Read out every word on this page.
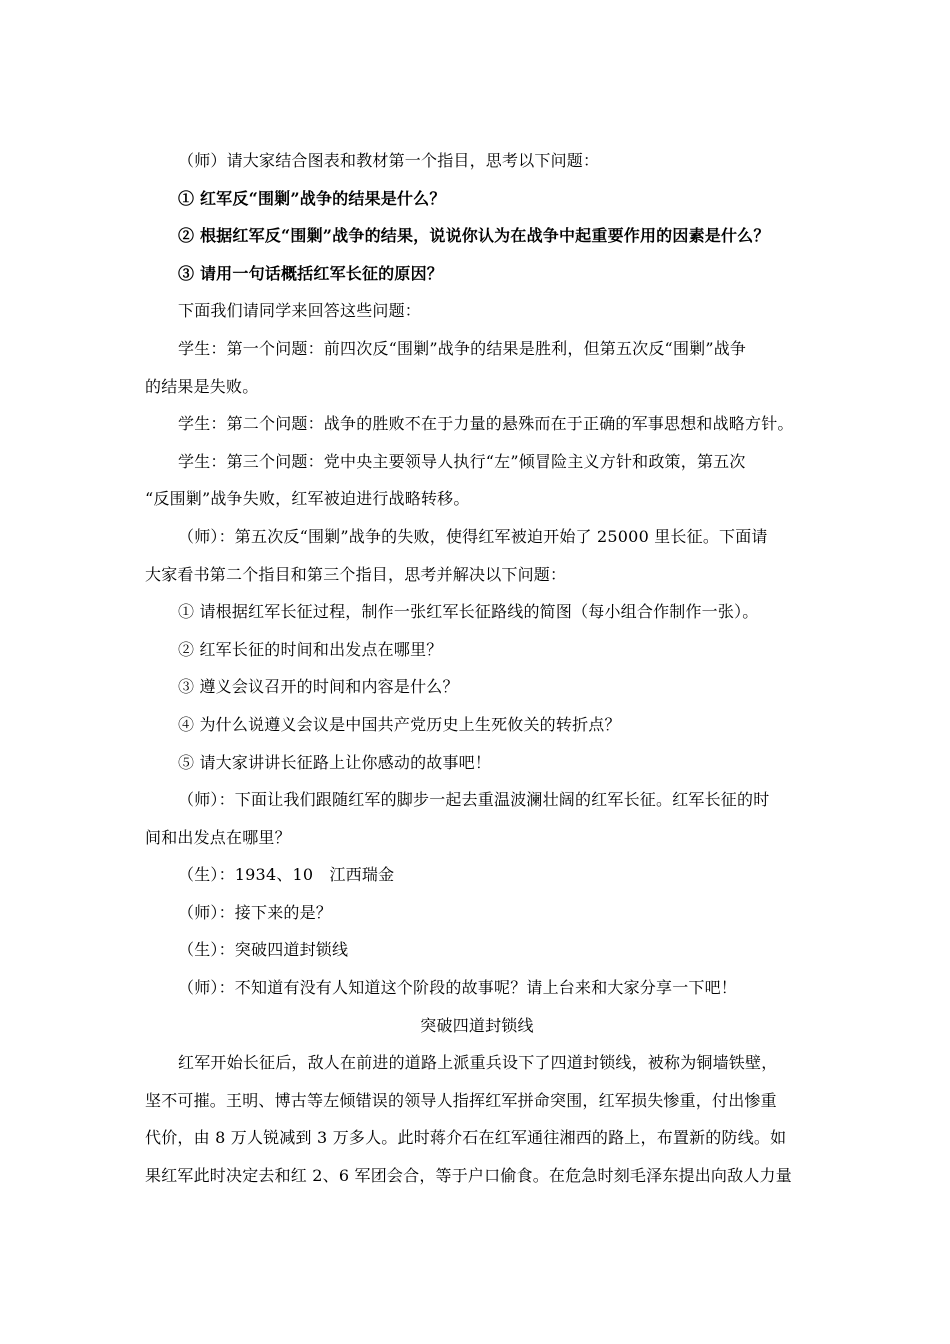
（师）请大家结合图表和教材第一个指目，思考以下问题：
① 红军反“围剿”战争的结果是什么？
② 根据红军反“围剿”战争的结果，说说你认为在战争中起重要作用的因素是什么？
③ 请用一句话概括红军长征的原因？
下面我们请同学来回答这些问题：
学生：第一个问题：前四次反“围剿”战争的结果是胜利，但第五次反“围剿”战争
的结果是失败。
学生：第二个问题：战争的胜败不在于力量的悬殊而在于正确的军事思想和战略方针。
学生：第三个问题：党中央主要领导人执行“左”倾冒险主义方针和政策，第五次
“反围剿”战争失败，红军被迫进行战略转移。
（师）：第五次反“围剿”战争的失败，使得红军被迫开始了 25000 里长征。下面请
大家看书第二个指目和第三个指目，思考并解决以下问题：
① 请根据红军长征过程，制作一张红军长征路线的简图（每小组合作制作一张）。
② 红军长征的时间和出发点在哪里？
③ 遵义会议召开的时间和内容是什么？
④ 为什么说遵义会议是中国共产党历史上生死攸关的转折点？
⑤ 请大家讲讲长征路上让你感动的故事吧！
（师）：下面让我们跟随红军的脚步一起去重温波澜壮阔的红军长征。红军长征的时
间和出发点在哪里？
（生）：1934、10　江西瑞金
（师）：接下来的是？
（生）：突破四道封锁线
（师）：不知道有没有人知道这个阶段的故事呢？请上台来和大家分享一下吧！
突破四道封锁线
红军开始长征后，敌人在前进的道路上派重兵设下了四道封锁线，被称为铜墙铁壁，
坚不可摧。王明、博古等左倾错误的领导人指挥红军拼命突围，红军损失惨重，付出惨重
代价，由 8 万人锐减到 3 万多人。此时蒋介石在红军通往湘西的路上，布置新的防线。如
果红军此时决定去和红 2、6 军团会合，等于户口偷食。在危急时刻毛泽东提出向敌人力量
